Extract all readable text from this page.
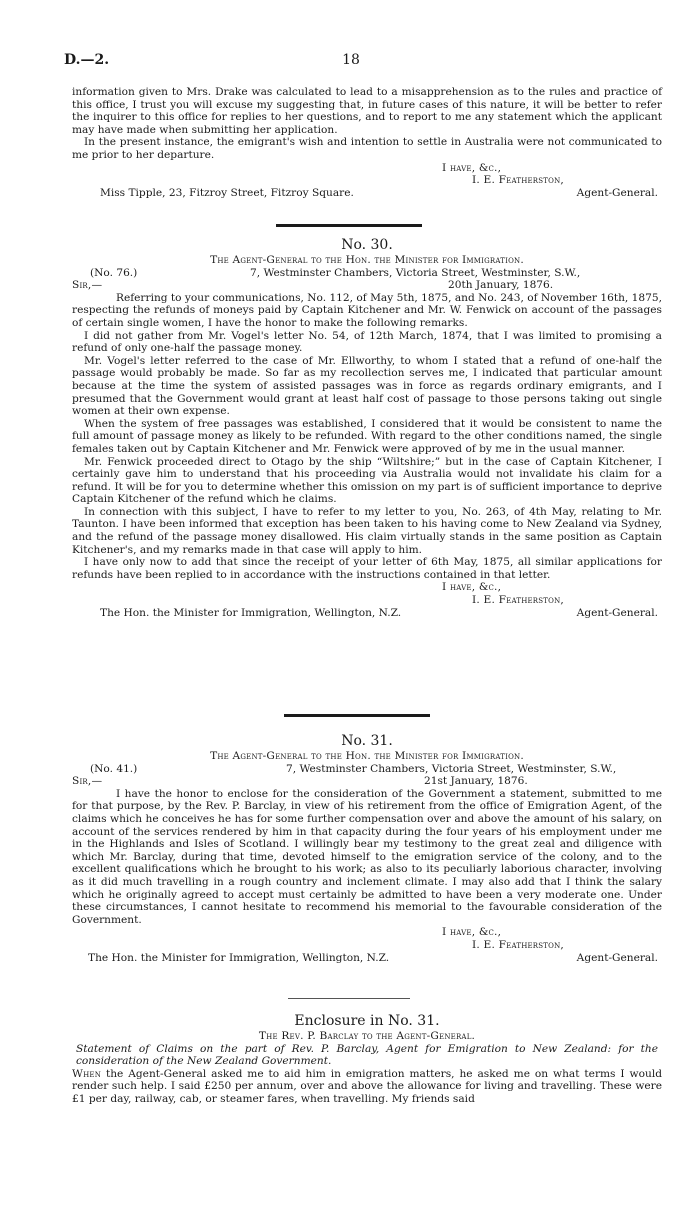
D.—2.	18

information given to Mrs. Drake was calculated to lead to a misapprehension as to the rules and practice of this office, I trust you will excuse my suggesting that, in future cases of this nature, it will be better to refer the inquirer to this office for replies to her questions, and to report to me any statement which the applicant may have made when submitting her application.

In the present instance, the emigrant's wish and intention to settle in Australia were not communicated to me prior to her departure.

I have, &c.,
I. E. Featherston,
Miss Tipple, 23, Fitzroy Street, Fitzroy Square.	Agent-General.
No. 30.

The Agent-General to the Hon. the Minister for Immigration.

(No. 76.)	7, Westminster Chambers, Victoria Street, Westminster, S.W.,
Sir,—	20th January, 1876.

Referring to your communications, No. 112, of May 5th, 1875, and No. 243, of November 16th, 1875, respecting the refunds of moneys paid by Captain Kitchener and Mr. W. Fenwick on account of the passages of certain single women, I have the honor to make the following remarks.

I did not gather from Mr. Vogel's letter No. 54, of 12th March, 1874, that I was limited to promising a refund of only one-half the passage money.

Mr. Vogel's letter referred to the case of Mr. Ellworthy, to whom I stated that a refund of one-half the passage would probably be made. So far as my recollection serves me, I indicated that particular amount because at the time the system of assisted passages was in force as regards ordinary emigrants, and I presumed that the Government would grant at least half cost of passage to those persons taking out single women at their own expense.

When the system of free passages was established, I considered that it would be consistent to name the full amount of passage money as likely to be refunded. With regard to the other conditions named, the single females taken out by Captain Kitchener and Mr. Fenwick were approved of by me in the usual manner.

Mr. Fenwick proceeded direct to Otago by the ship “Wiltshire;” but in the case of Captain Kitchener, I certainly gave him to understand that his proceeding via Australia would not invalidate his claim for a refund. It will be for you to determine whether this omission on my part is of sufficient importance to deprive Captain Kitchener of the refund which he claims.

In connection with this subject, I have to refer to my letter to you, No. 263, of 4th May, relating to Mr. Taunton. I have been informed that exception has been taken to his having come to New Zealand via Sydney, and the refund of the passage money disallowed. His claim virtually stands in the same position as Captain Kitchener's, and my remarks made in that case will apply to him.

I have only now to add that since the receipt of your letter of 6th May, 1875, all similar applications for refunds have been replied to in accordance with the instructions contained in that letter.

I have, &c.,
I. E. Featherston,
The Hon. the Minister for Immigration, Wellington, N.Z.	Agent-General.
No. 31.

The Agent-General to the Hon. the Minister for Immigration.

(No. 41.)	7, Westminster Chambers, Victoria Street, Westminster, S.W.,
Sir,—	21st January, 1876.

I have the honor to enclose for the consideration of the Government a statement, submitted to me for that purpose, by the Rev. P. Barclay, in view of his retirement from the office of Emigration Agent, of the claims which he conceives he has for some further compensation over and above the amount of his salary, on account of the services rendered by him in that capacity during the four years of his employment under me in the Highlands and Isles of Scotland. I willingly bear my testimony to the great zeal and diligence with which Mr. Barclay, during that time, devoted himself to the emigration service of the colony, and to the excellent qualifications which he brought to his work; as also to its peculiarly laborious character, involving as it did much travelling in a rough country and inclement climate. I may also add that I think the salary which he originally agreed to accept must certainly be admitted to have been a very moderate one. Under these circumstances, I cannot hesitate to recommend his memorial to the favourable consideration of the Government.

I have, &c.,
I. E. Featherston,
The Hon. the Minister for Immigration, Wellington, N.Z.	Agent-General.
Enclosure in No. 31.

The Rev. P. Barclay to the Agent-General.

Statement of Claims on the part of Rev. P. Barclay, Agent for Emigration to New Zealand: for the consideration of the New Zealand Government.

When the Agent-General asked me to aid him in emigration matters, he asked me on what terms I would render such help. I said £250 per annum, over and above the allowance for living and travelling. These were £1 per day, railway, cab, or steamer fares, when travelling. My friends said
